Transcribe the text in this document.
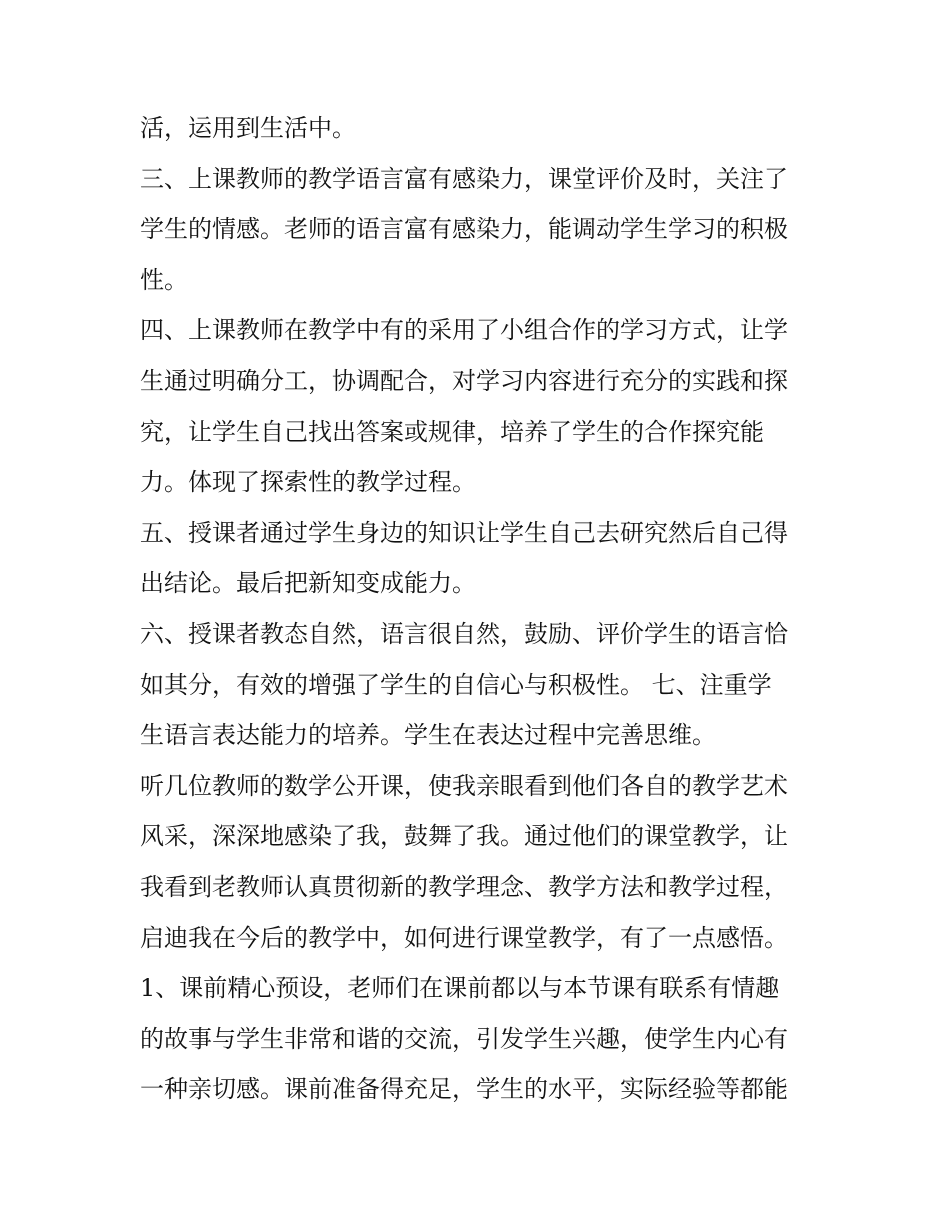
活，运用到生活中。
三、上课教师的教学语言富有感染力，课堂评价及时，关注了
学生的情感。老师的语言富有感染力，能调动学生学习的积极
性。
四、上课教师在教学中有的采用了小组合作的学习方式，让学
生通过明确分工，协调配合，对学习内容进行充分的实践和探
究，让学生自己找出答案或规律，培养了学生的合作探究能
力。体现了探索性的教学过程。
五、授课者通过学生身边的知识让学生自己去研究然后自己得
出结论。最后把新知变成能力。
六、授课者教态自然，语言很自然，鼓励、评价学生的语言恰
如其分，有效的增强了学生的自信心与积极性。 七、注重学
生语言表达能力的培养。学生在表达过程中完善思维。
听几位教师的数学公开课，使我亲眼看到他们各自的教学艺术
风采，深深地感染了我，鼓舞了我。通过他们的课堂教学，让
我看到老教师认真贯彻新的教学理念、教学方法和教学过程，
启迪我在今后的教学中，如何进行课堂教学，有了一点感悟。
1、课前精心预设，老师们在课前都以与本节课有联系有情趣
的故事与学生非常和谐的交流，引发学生兴趣，使学生内心有
一种亲切感。课前准备得充足，学生的水平，实际经验等都能
